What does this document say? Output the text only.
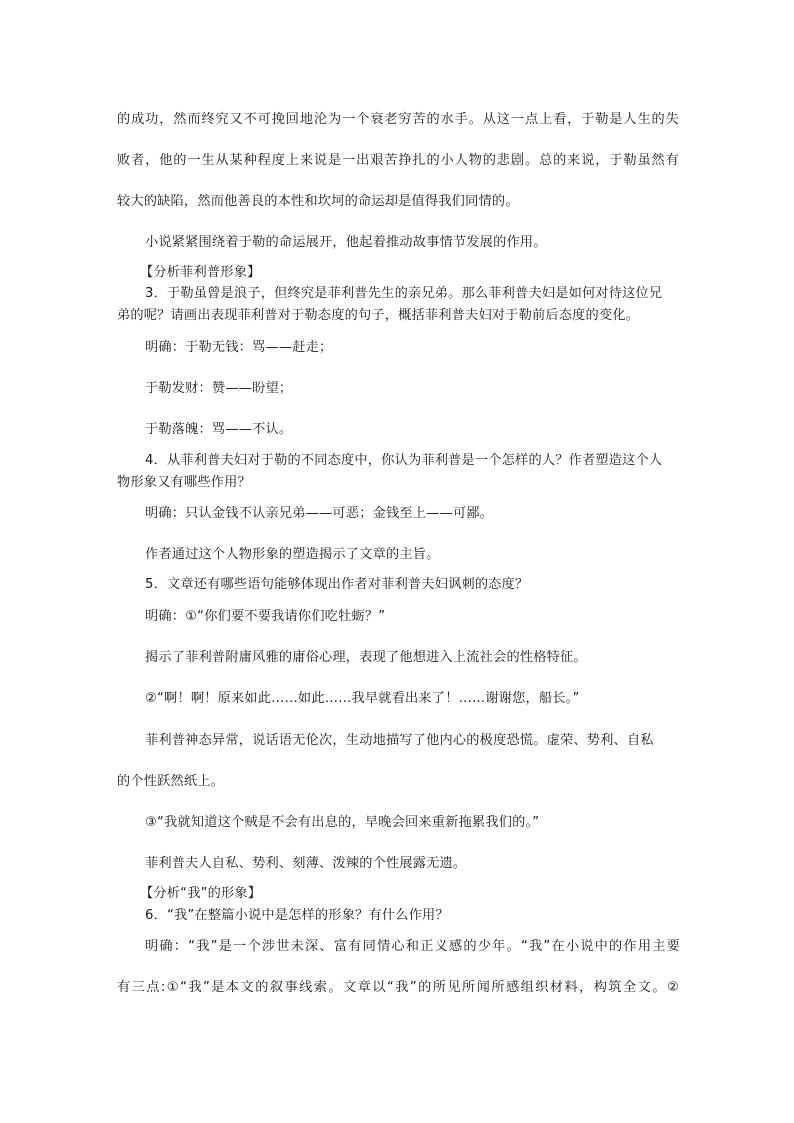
的成功，然而终究又不可挽回地沦为一个衰老穷苦的水手。从这一点上看，于勒是人生的失
败者，他的一生从某种程度上来说是一出艰苦挣扎的小人物的悲剧。总的来说，于勒虽然有
较大的缺陷，然而他善良的本性和坎坷的命运却是值得我们同情的。
小说紧紧围绕着于勒的命运展开，他起着推动故事情节发展的作用。
【分析菲利普形象】
3．于勒虽曾是浪子，但终究是菲利普先生的亲兄弟。那么菲利普夫妇是如何对待这位兄
弟的呢？请画出表现菲利普对于勒态度的句子，概括菲利普夫妇对于勒前后态度的变化。
明确：于勒无钱：骂——赶走；
于勒发财：赞——盼望；
于勒落魄：骂——不认。
4．从菲利普夫妇对于勒的不同态度中，你认为菲利普是一个怎样的人？作者塑造这个人
物形象又有哪些作用？
明确：只认金钱不认亲兄弟——可恶；金钱至上——可鄙。
作者通过这个人物形象的塑造揭示了文章的主旨。
5．文章还有哪些语句能够体现出作者对菲利普夫妇讽刺的态度？
明确：①“你们要不要我请你们吃牡蛎？”
揭示了菲利普附庸风雅的庸俗心理，表现了他想进入上流社会的性格特征。
②“啊！啊！原来如此……如此……我早就看出来了！……谢谢您，船长。”
菲利普神态异常，说话语无伦次，生动地描写了他内心的极度恐慌。虚荣、势利、自私
的个性跃然纸上。
③“我就知道这个贼是不会有出息的，早晚会回来重新拖累我们的。”
菲利普夫人自私、势利、刻薄、泼辣的个性展露无遗。
【分析“我”的形象】
6．“我”在整篇小说中是怎样的形象？有什么作用？
明确：“我”是一个涉世未深、富有同情心和正义感的少年。“我”在小说中的作用主要
有三点:①“我”是本文的叙事线索。文章以“我”的所见所闻所感组织材料，构筑全文。②
